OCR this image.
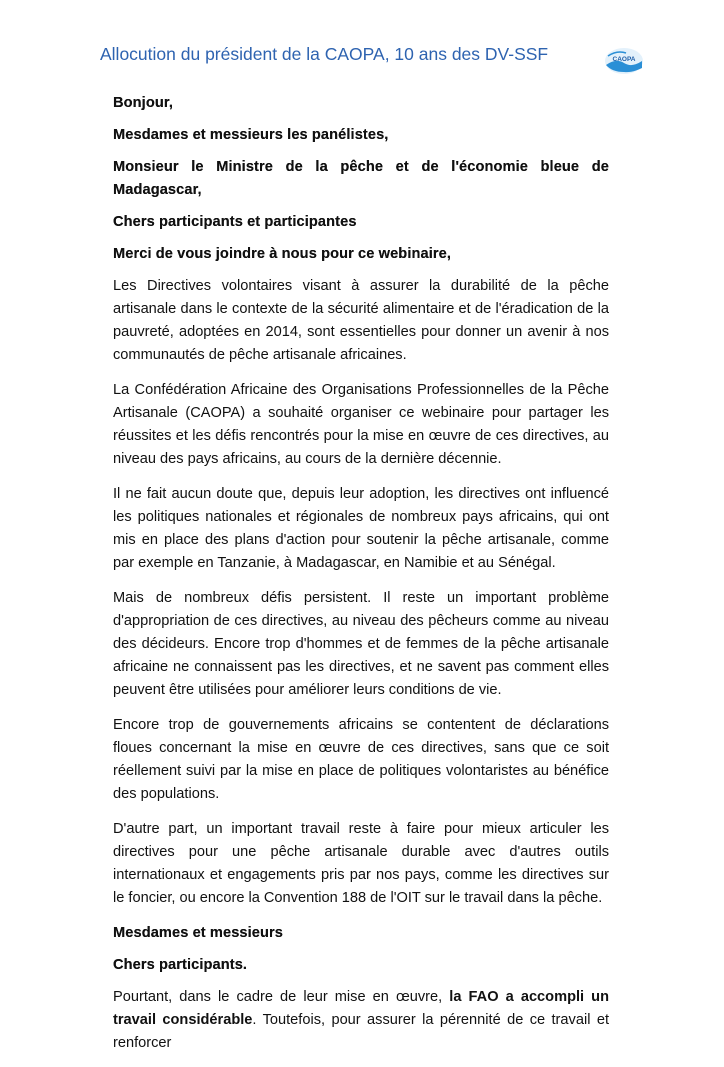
Allocution du président de la CAOPA, 10 ans des DV-SSF	CAOPA

Bonjour,

Mesdames et messieurs les panélistes,

Monsieur le Ministre de la pêche et de l'économie bleue de Madagascar,

Chers participants et participantes

Merci de vous joindre à nous pour ce webinaire,

Les Directives volontaires visant à assurer la durabilité de la pêche artisanale dans le contexte de la sécurité alimentaire et de l'éradication de la pauvreté, adoptées en 2014, sont essentielles pour donner un avenir à nos communautés de pêche artisanale africaines.

La Confédération Africaine des Organisations Professionnelles de la Pêche Artisanale (CAOPA) a souhaité organiser ce webinaire pour partager les réussites et les défis rencontrés pour la mise en œuvre de ces directives, au niveau des pays africains, au cours de la dernière décennie.

Il ne fait aucun doute que, depuis leur adoption, les directives ont influencé les politiques nationales et régionales de nombreux pays africains, qui ont mis en place des plans d'action pour soutenir la pêche artisanale, comme par exemple en Tanzanie, à Madagascar, en Namibie et au Sénégal.

Mais de nombreux défis persistent. Il reste un important problème d'appropriation de ces directives, au niveau des pêcheurs comme au niveau des décideurs. Encore trop d'hommes et de femmes de la pêche artisanale africaine ne connaissent pas les directives, et ne savent pas comment elles peuvent être utilisées pour améliorer leurs conditions de vie.

Encore trop de gouvernements africains se contentent de déclarations floues concernant la mise en œuvre de ces directives, sans que ce soit réellement suivi par la mise en place de politiques volontaristes au bénéfice des populations.

D'autre part, un important travail reste à faire pour mieux articuler les directives pour une pêche artisanale durable avec d'autres outils internationaux et engagements pris par nos pays, comme les directives sur le foncier, ou encore la Convention 188 de l'OIT sur le travail dans la pêche.

Mesdames et messieurs

Chers participants.

Pourtant, dans le cadre de leur mise en œuvre, la FAO a accompli un travail considérable. Toutefois, pour assurer la pérennité de ce travail et renforcer
